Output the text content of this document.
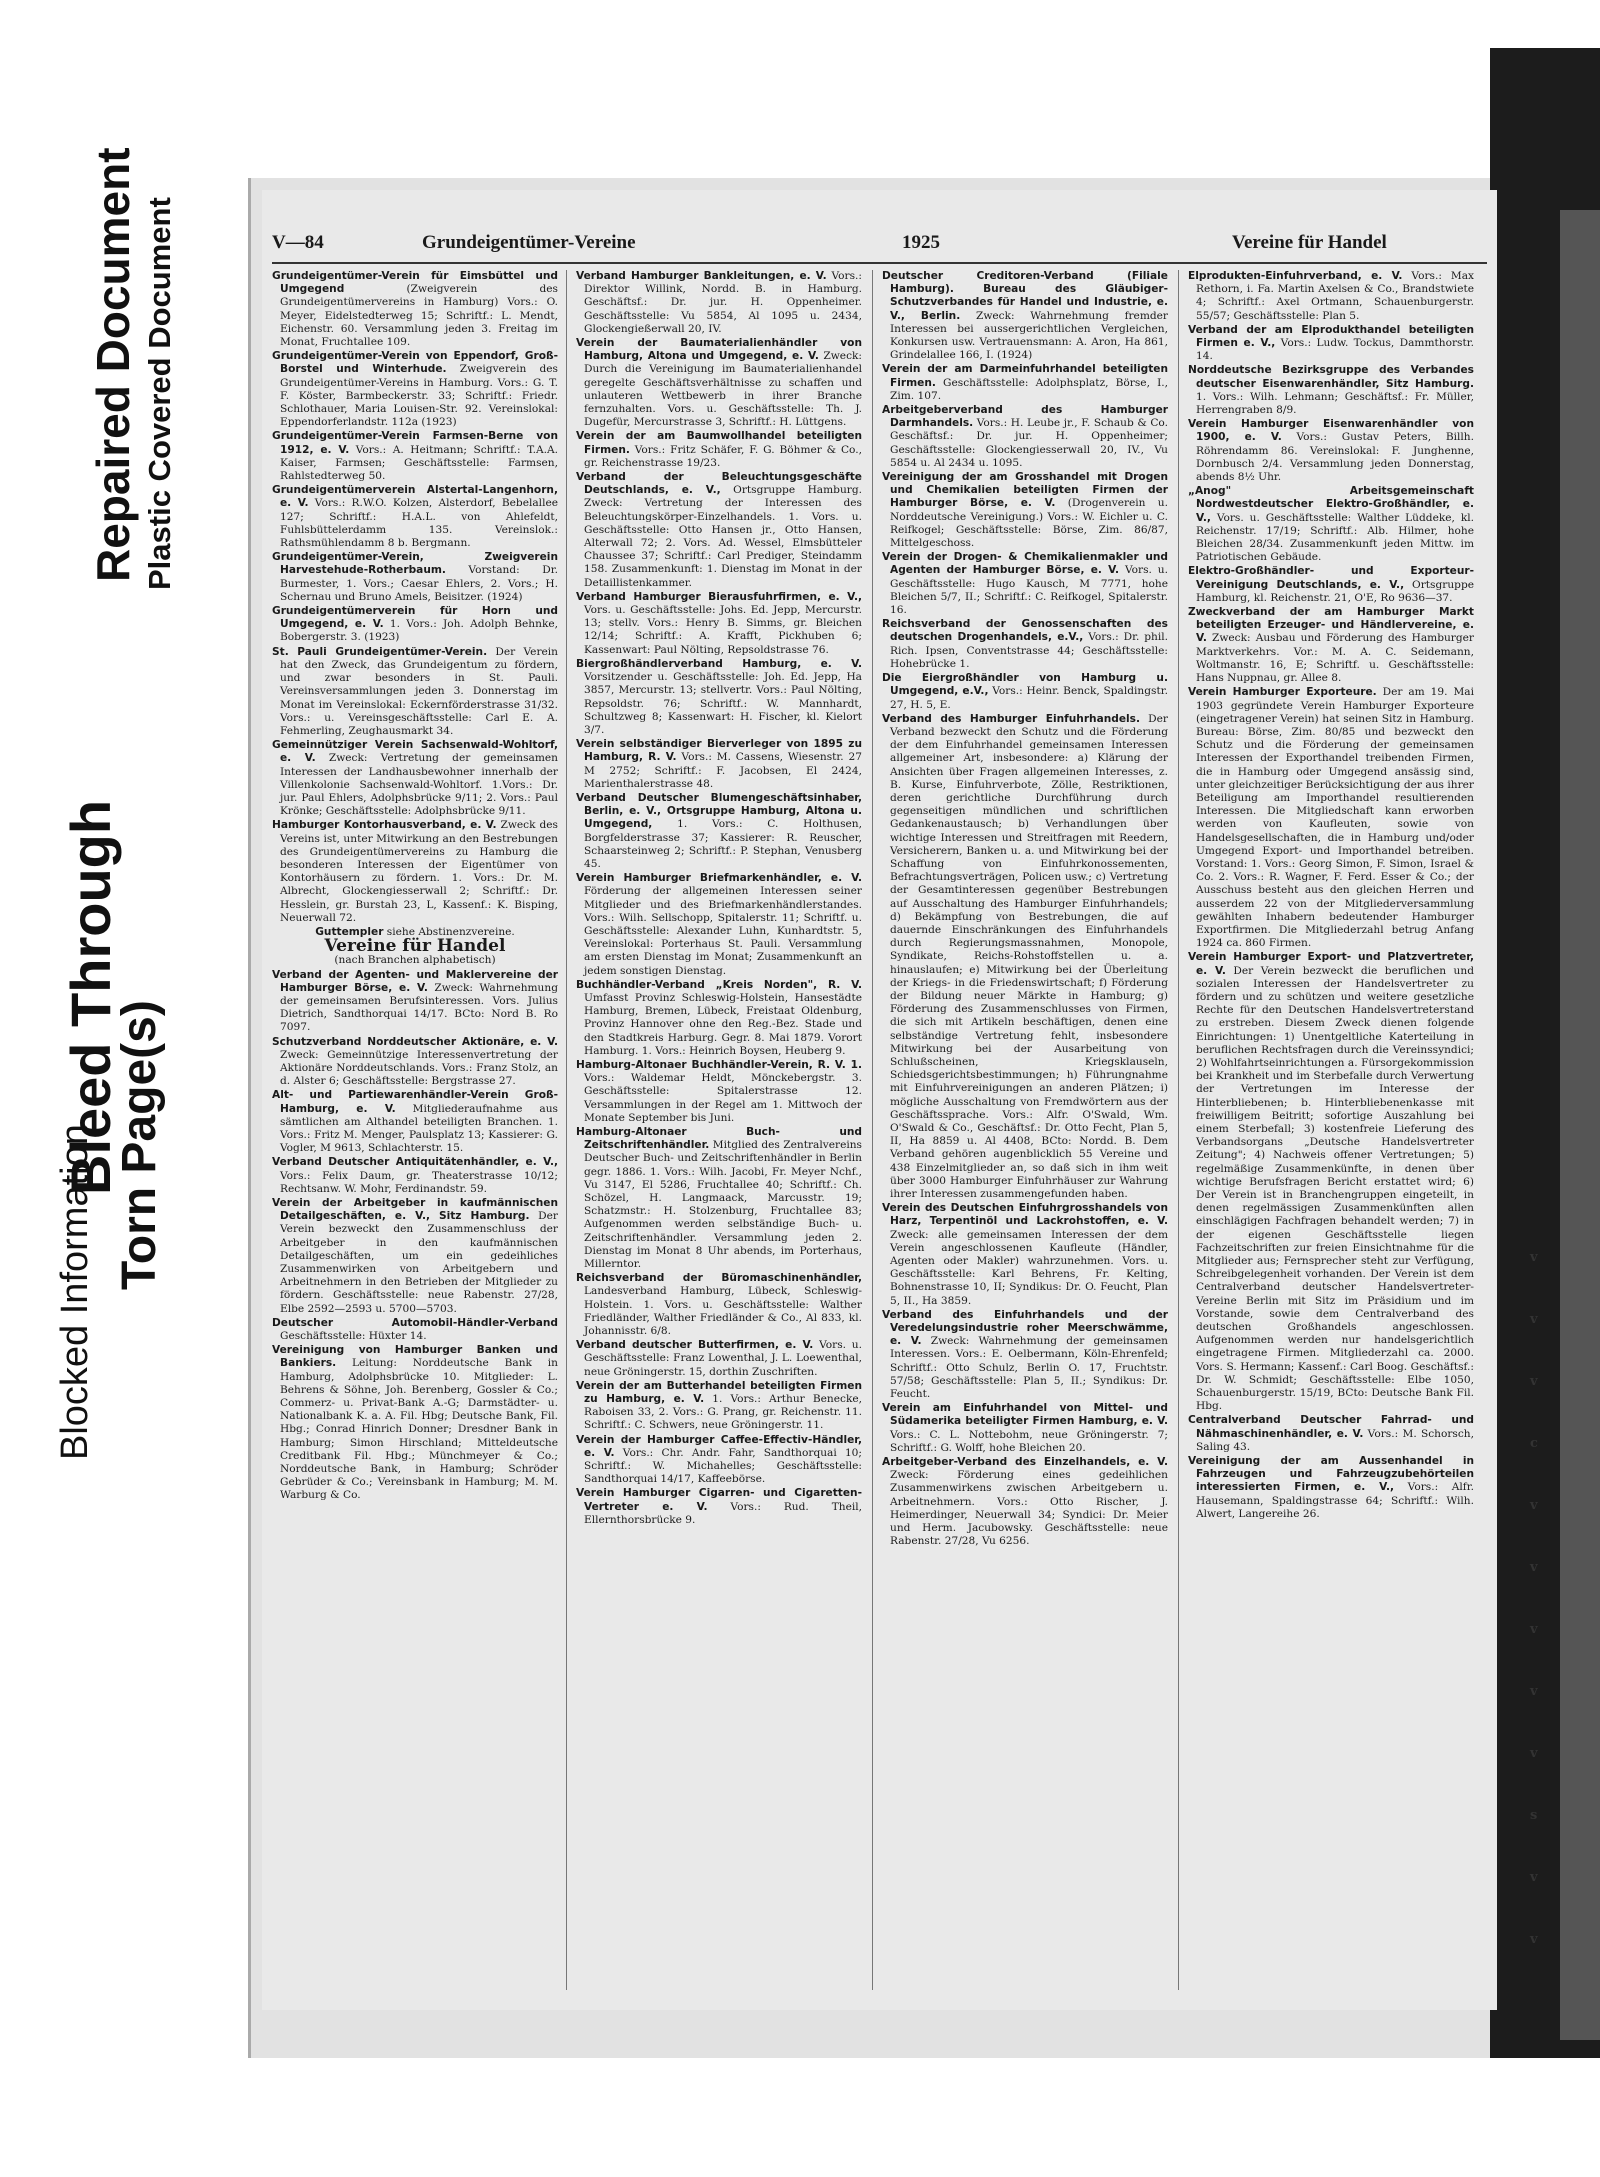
Blocked Information Torn Page(s)
Bleed Through
Repaired Document Plastic Covered Document	V—84	Grundeigentümer-Vereine	1925	Vereine für Handel

Grundeigentümer-Verein für Eimsbüttel und Umgegend (Zweigverein des Grundeigentümervereins in Hamburg) Vors.: O. Meyer, Eidelstedterweg 15; Schriftf.: L. Mendt, Eichenstr. 60. Versammlung jeden 3. Freitag im Monat, Fruchtallee 109.

Grundeigentümer-Verein von Eppendorf, Groß-Borstel und Winterhude. Zweigverein des Grundeigentümer-Vereins in Hamburg. Vors.: G. T. F. Köster, Barmbeckerstr. 33; Schriftf.: Friedr. Schlothauer, Maria Louisen-Str. 92. Vereinslokal: Eppendorferlandstr. 112a (1923)

Grundeigentümer-Verein Farmsen-Berne von 1912, e. V. Vors.: A. Heitmann; Schriftf.: T.A.A. Kaiser, Farmsen; Geschäftsstelle: Farmsen, Rahlstedterweg 50.

Grundeigentümerverein Alstertal-Langenhorn, e. V. Vors.: R.W.O. Kolzen, Alsterdorf, Bebelallee 127; Schriftf.: H.A.L. von Ahlefeldt, Fuhlsbüttelerdamm 135. Vereinslok.: Rathsmühlendamm 8 b. Bergmann.

Grundeigentümer-Verein, Zweigverein Harvestehude-Rotherbaum. Vorstand: Dr. Burmester, 1. Vors.; Caesar Ehlers, 2. Vors.; H. Schernau und Bruno Amels, Beisitzer. (1924)

Grundeigentümerverein für Horn und Umgegend, e. V. 1. Vors.: Joh. Adolph Behnke, Bobergerstr. 3. (1923)

St. Pauli Grundeigentümer-Verein. Der Verein hat den Zweck, das Grundeigentum zu fördern, und zwar besonders in St. Pauli. Vereinsversammlungen jeden 3. Donnerstag im Monat im Vereinslokal: Eckernförderstrasse 31/32. Vors.: u. Vereinsgeschäftsstelle: Carl E. A. Fehmerling, Zeughausmarkt 34.

Gemeinnütziger Verein Sachsenwald-Wohltorf, e. V. Zweck: Vertretung der gemeinsamen Interessen der Landhausbewohner innerhalb der Villenkolonie Sachsenwald-Wohltorf. 1.Vors.: Dr. jur. Paul Ehlers, Adolphsbrücke 9/11; 2. Vors.: Paul Krönke; Geschäftsstelle: Adolphsbrücke 9/11.

Hamburger Kontorhausverband, e. V. Zweck des Vereins ist, unter Mitwirkung an den Bestrebungen des Grundeigentümervereins zu Hamburg die besonderen Interessen der Eigentümer von Kontorhäusern zu fördern. 1. Vors.: Dr. M. Albrecht, Glockengiesserwall 2; Schriftf.: Dr. Hesslein, gr. Burstah 23, L, Kassenf.: K. Bisping, Neuerwall 72.

Guttempler siehe Abstinenzvereine.

Vereine für Handel

(nach Branchen alphabetisch)

Verband der Agenten- und Maklervereine der Hamburger Börse, e. V. Zweck: Wahrnehmung der gemeinsamen Berufsinteressen. Vors. Julius Dietrich, Sandthorquai 14/17. BCto: Nord B. Ro 7097.

Schutzverband Norddeutscher Aktionäre, e. V. Zweck: Gemeinnützige Interessenvertretung der Aktionäre Norddeutschlands. Vors.: Franz Stolz, an d. Alster 6; Geschäftsstelle: Bergstrasse 27.

Alt- und Partiewarenhändler-Verein Groß-Hamburg, e. V. Mitgliederaufnahme aus sämtlichen am Althandel beteiligten Branchen. 1. Vors.: Fritz M. Menger, Paulsplatz 13; Kassierer: G. Vogler, M 9613, Schlachterstr. 15.

Verband Deutscher Antiquitätenhändler, e. V., Vors.: Felix Daum, gr. Theaterstrasse 10/12; Rechtsanw. W. Mohr, Ferdinandstr. 59.

Verein der Arbeitgeber in kaufmännischen Detailgeschäften, e. V., Sitz Hamburg. Der Verein bezweckt den Zusammenschluss der Arbeitgeber in den kaufmännischen Detailgeschäften, um ein gedeihliches Zusammenwirken von Arbeitgebern und Arbeitnehmern in den Betrieben der Mitglieder zu fördern. Geschäftsstelle: neue Rabenstr. 27/28, Elbe 2592—2593 u. 5700—5703.

Deutscher Automobil-Händler-Verband Geschäftsstelle: Hüxter 14.

Vereinigung von Hamburger Banken und Bankiers. Leitung: Norddeutsche Bank in Hamburg, Adolphsbrücke 10. Mitglieder: L. Behrens & Söhne, Joh. Berenberg, Gossler & Co.; Commerz- u. Privat-Bank A.-G; Darmstädter- u. Nationalbank K. a. A. Fil. Hbg; Deutsche Bank, Fil. Hbg.; Conrad Hinrich Donner; Dresdner Bank in Hamburg; Simon Hirschland; Mitteldeutsche Creditbank Fil. Hbg.; Münchmeyer & Co.; Norddeutsche Bank, in Hamburg; Schröder Gebrüder & Co.; Vereinsbank in Hamburg; M. M. Warburg & Co.

Verband Hamburger Bankleitungen, e. V. Vors.: Direktor Willink, Nordd. B. in Hamburg. Geschäftsf.: Dr. jur. H. Oppenheimer. Geschäftsstelle: Vu 5854, Al 1095 u. 2434, Glockengießerwall 20, IV.

Verein der Baumaterialienhändler von Hamburg, Altona und Umgegend, e. V. Zweck: Durch die Vereinigung im Baumaterialienhandel geregelte Geschäftsverhältnisse zu schaffen und unlauteren Wettbewerb in ihrer Branche fernzuhalten. Vors. u. Geschäftsstelle: Th. J. Dugefür, Mercurstrasse 3, Schriftf.: H. Lüttgens.

Verein der am Baumwollhandel beteiligten Firmen. Vors.: Fritz Schäfer, F. G. Böhmer & Co., gr. Reichenstrasse 19/23.

Verband der Beleuchtungsgeschäfte Deutschlands, e. V., Ortsgruppe Hamburg. Zweck: Vertretung der Interessen des Beleuchtungskörper-Einzelhandels. 1. Vors. u. Geschäftsstelle: Otto Hansen jr., Otto Hansen, Alterwall 72; 2. Vors. Ad. Wessel, Elmsbütteler Chaussee 37; Schriftf.: Carl Prediger, Steindamm 158. Zusammenkunft: 1. Dienstag im Monat in der Detaillistenkammer.

Verband Hamburger Bierausfuhrfirmen, e. V., Vors. u. Geschäftsstelle: Johs. Ed. Jepp, Mercurstr. 13; stellv. Vors.: Henry B. Simms, gr. Bleichen 12/14; Schriftf.: A. Krafft, Pickhuben 6; Kassenwart: Paul Nölting, Repsoldstrasse 76.

Biergroßhändlerverband Hamburg, e. V. Vorsitzender u. Geschäftsstelle: Joh. Ed. Jepp, Ha 3857, Mercurstr. 13; stellvertr. Vors.: Paul Nölting, Repsoldstr. 76; Schriftf.: W. Mannhardt, Schultzweg 8; Kassenwart: H. Fischer, kl. Kielort 3/7.

Verein selbständiger Bierverleger von 1895 zu Hamburg, R. V. Vors.: M. Cassens, Wiesenstr. 27 M 2752; Schriftf.: F. Jacobsen, El 2424, Marienthalerstrasse 48.

Verband Deutscher Blumengeschäftsinhaber, Berlin, e. V., Ortsgruppe Hamburg, Altona u. Umgegend, 1. Vors.: C. Holthusen, Borgfelderstrasse 37; Kassierer: R. Reuscher, Schaarsteinweg 2; Schriftf.: P. Stephan, Venusberg 45.

Verein Hamburger Briefmarkenhändler, e. V. Förderung der allgemeinen Interessen seiner Mitglieder und des Briefmarkenhändlerstandes. Vors.: Wilh. Sellschopp, Spitalerstr. 11; Schriftf. u. Geschäftsstelle: Alexander Luhn, Kunhardtstr. 5, Vereinslokal: Porterhaus St. Pauli. Versammlung am ersten Dienstag im Monat; Zusammenkunft an jedem sonstigen Dienstag.

Buchhändler-Verband „Kreis Norden", R. V. Umfasst Provinz Schleswig-Holstein, Hansestädte Hamburg, Bremen, Lübeck, Freistaat Oldenburg, Provinz Hannover ohne den Reg.-Bez. Stade und den Stadtkreis Harburg. Gegr. 8. Mai 1879. Vorort Hamburg. 1. Vors.: Heinrich Boysen, Heuberg 9.

Hamburg-Altonaer Buchhändler-Verein, R. V. 1. Vors.: Waldemar Heldt, Mönckebergstr. 3. Geschäftsstelle: Spitalerstrasse 12. Versammlungen in der Regel am 1. Mittwoch der Monate September bis Juni.

Hamburg-Altonaer Buch- und Zeitschriftenhändler. Mitglied des Zentralvereins Deutscher Buch- und Zeitschriftenhändler in Berlin gegr. 1886. 1. Vors.: Wilh. Jacobi, Fr. Meyer Nchf., Vu 3147, El 5286, Fruchtallee 40; Schriftf.: Ch. Schözel, H. Langmaack, Marcusstr. 19; Schatzmstr.: H. Stolzenburg, Fruchtallee 83; Aufgenommen werden selbständige Buch- u. Zeitschriftenhändler. Versammlung jeden 2. Dienstag im Monat 8 Uhr abends, im Porterhaus, Millerntor.

Reichsverband der Büromaschinenhändler, Landesverband Hamburg, Lübeck, Schleswig-Holstein. 1. Vors. u. Geschäftsstelle: Walther Friedländer, Walther Friedländer & Co., Al 833, kl. Johannisstr. 6/8.

Verband deutscher Butterfirmen, e. V. Vors. u. Geschäftsstelle: Franz Lowenthal, J. L. Loewenthal, neue Gröningerstr. 15, dorthin Zuschriften.

Verein der am Butterhandel beteiligten Firmen zu Hamburg, e. V. 1. Vors.: Arthur Benecke, Raboisen 33, 2. Vors.: G. Prang, gr. Reichenstr. 11. Schriftf.: C. Schwers, neue Gröningerstr. 11.

Verein der Hamburger Caffee-Effectiv-Händler, e. V. Vors.: Chr. Andr. Fahr, Sandthorquai 10; Schriftf.: W. Michahelles; Geschäftsstelle: Sandthorquai 14/17, Kaffeebörse.

Verein Hamburger Cigarren- und Cigaretten-Vertreter e. V. Vors.: Rud. Theil, Ellernthorsbrücke 9.

Deutscher Creditoren-Verband (Filiale Hamburg). Bureau des Gläubiger-Schutzverbandes für Handel und Industrie, e. V., Berlin. Zweck: Wahrnehmung fremder Interessen bei aussergerichtlichen Vergleichen, Konkursen usw. Vertrauensmann: A. Aron, Ha 861, Grindelallee 166, I. (1924)

Verein der am Darmeinfuhrhandel beteiligten Firmen. Geschäftsstelle: Adolphsplatz, Börse, I., Zim. 107.

Arbeitgeberverband des Hamburger Darmhandels. Vors.: H. Leube jr., F. Schaub & Co. Geschäftsf.: Dr. jur. H. Oppenheimer; Geschäftsstelle: Glockengiesserwall 20, IV., Vu 5854 u. Al 2434 u. 1095.

Vereinigung der am Grosshandel mit Drogen und Chemikalien beteiligten Firmen der Hamburger Börse, e. V. (Drogenverein u. Norddeutsche Vereinigung.) Vors.: W. Eichler u. C. Reifkogel; Geschäftsstelle: Börse, Zim. 86/87, Mittelgeschoss.

Verein der Drogen- & Chemikalienmakler und Agenten der Hamburger Börse, e. V. Vors. u. Geschäftsstelle: Hugo Kausch, M 7771, hohe Bleichen 5/7, II.; Schriftf.: C. Reifkogel, Spitalerstr. 16.

Reichsverband der Genossenschaften des deutschen Drogenhandels, e.V., Vors.: Dr. phil. Rich. Ipsen, Conventstrasse 44; Geschäftsstelle: Hohebrücke 1.

Die Eiergroßhändler von Hamburg u. Umgegend, e.V., Vors.: Heinr. Benck, Spaldingstr. 27, H. 5, E.

Verband des Hamburger Einfuhrhandels. Der Verband bezweckt den Schutz und die Förderung der dem Einfuhrhandel gemeinsamen Interessen allgemeiner Art, insbesondere: a) Klärung der Ansichten über Fragen allgemeinen Interesses, z. B. Kurse, Einfuhrverbote, Zölle, Restriktionen, deren gerichtliche Durchführung durch gegenseitigen mündlichen und schriftlichen Gedankenaustausch; b) Verhandlungen über wichtige Interessen und Streitfragen mit Reedern, Versicherern, Banken u. a. und Mitwirkung bei der Schaffung von Einfuhrkonossementen, Befrachtungsverträgen, Policen usw.; c) Vertretung der Gesamtinteressen gegenüber Bestrebungen auf Ausschaltung des Hamburger Einfuhrhandels; d) Bekämpfung von Bestrebungen, die auf dauernde Einschränkungen des Einfuhrhandels durch Regierungsmassnahmen, Monopole, Syndikate, Reichs-Rohstoffstellen u. a. hinauslaufen; e) Mitwirkung bei der Überleitung der Kriegs- in die Friedenswirtschaft; f) Förderung der Bildung neuer Märkte in Hamburg; g) Förderung des Zusammenschlusses von Firmen, die sich mit Artikeln beschäftigen, denen eine selbständige Vertretung fehlt, insbesondere Mitwirkung bei der Ausarbeitung von Schlußscheinen, Kriegsklauseln, Schiedsgerichtsbestimmungen; h) Führungnahme mit Einfuhrvereinigungen an anderen Plätzen; i) mögliche Ausschaltung von Fremdwörtern aus der Geschäftssprache. Vors.: Alfr. O'Swald, Wm. O'Swald & Co., Geschäftsf.: Dr. Otto Fecht, Plan 5, II, Ha 8859 u. Al 4408, BCto: Nordd. B. Dem Verband gehören augenblicklich 55 Vereine und 438 Einzelmitglieder an, so daß sich in ihm weit über 3000 Hamburger Einfuhrhäuser zur Wahrung ihrer Interessen zusammengefunden haben.

Verein des Deutschen Einfuhrgrosshandels von Harz, Terpentinöl und Lackrohstoffen, e. V. Zweck: alle gemeinsamen Interessen der dem Verein angeschlossenen Kaufleute (Händler, Agenten oder Makler) wahrzunehmen. Vors. u. Geschäftsstelle: Karl Behrens, Fr. Kelting, Bohnenstrasse 10, II; Syndikus: Dr. O. Feucht, Plan 5, II., Ha 3859.

Verband des Einfuhrhandels und der Veredelungsindustrie roher Meerschwämme, e. V. Zweck: Wahrnehmung der gemeinsamen Interessen. Vors.: E. Oelbermann, Köln-Ehrenfeld; Schriftf.: Otto Schulz, Berlin O. 17, Fruchtstr. 57/58; Geschäftsstelle: Plan 5, II.; Syndikus: Dr. Feucht.

Verein am Einfuhrhandel von Mittel- und Südamerika beteiligter Firmen Hamburg, e. V. Vors.: C. L. Nottebohm, neue Gröningerstr. 7; Schriftf.: G. Wolff, hohe Bleichen 20.

Arbeitgeber-Verband des Einzelhandels, e. V. Zweck: Förderung eines gedeihlichen Zusammenwirkens zwischen Arbeitgebern u. Arbeitnehmern. Vors.: Otto Rischer, J. Heimerdinger, Neuerwall 34; Syndici: Dr. Meier und Herm. Jacubowsky. Geschäftsstelle: neue Rabenstr. 27/28, Vu 6256.

Elprodukten-Einfuhrverband, e. V. Vors.: Max Rethorn, i. Fa. Martin Axelsen & Co., Brandstwiete 4; Schriftf.: Axel Ortmann, Schauenburgerstr. 55/57; Geschäftsstelle: Plan 5.

Verband der am Elprodukthandel beteiligten Firmen e. V., Vors.: Ludw. Tockus, Dammthorstr. 14.

Norddeutsche Bezirksgruppe des Verbandes deutscher Eisenwarenhändler, Sitz Hamburg. 1. Vors.: Wilh. Lehmann; Geschäftsf.: Fr. Müller, Herrengraben 8/9.

Verein Hamburger Eisenwarenhändler von 1900, e. V. Vors.: Gustav Peters, Billh. Röhrendamm 86. Vereinslokal: F. Junghenne, Dornbusch 2/4. Versammlung jeden Donnerstag, abends 8½ Uhr.

„Anog" Arbeitsgemeinschaft Nordwestdeutscher Elektro-Großhändler, e. V., Vors. u. Geschäftsstelle: Walther Lüddeke, kl. Reichenstr. 17/19; Schriftf.: Alb. Hilmer, hohe Bleichen 28/34. Zusammenkunft jeden Mittw. im Patriotischen Gebäude.

Elektro-Großhändler- und Exporteur-Vereinigung Deutschlands, e. V., Ortsgruppe Hamburg, kl. Reichenstr. 21, O'E, Ro 9636—37.

Zweckverband der am Hamburger Markt beteiligten Erzeuger- und Händlervereine, e. V. Zweck: Ausbau und Förderung des Hamburger Marktverkehrs. Vor.: M. A. C. Seidemann, Woltmanstr. 16, E; Schriftf. u. Geschäftsstelle: Hans Nuppnau, gr. Allee 8.

Verein Hamburger Exporteure. Der am 19. Mai 1903 gegründete Verein Hamburger Exporteure (eingetragener Verein) hat seinen Sitz in Hamburg. Bureau: Börse, Zim. 80/85 und bezweckt den Schutz und die Förderung der gemeinsamen Interessen der Exporthandel treibenden Firmen, die in Hamburg oder Umgegend ansässig sind, unter gleichzeitiger Berücksichtigung der aus ihrer Beteiligung am Importhandel resultierenden Interessen. Die Mitgliedschaft kann erworben werden von Kaufleuten, sowie von Handelsgesellschaften, die in Hamburg und/oder Umgegend Export- und Importhandel betreiben. Vorstand: 1. Vors.: Georg Simon, F. Simon, Israel & Co. 2. Vors.: R. Wagner, F. Ferd. Esser & Co.; der Ausschuss besteht aus den gleichen Herren und ausserdem 22 von der Mitgliederversammlung gewählten Inhabern bedeutender Hamburger Exportfirmen. Die Mitgliederzahl betrug Anfang 1924 ca. 860 Firmen.

Verein Hamburger Export- und Platzvertreter, e. V. Der Verein bezweckt die beruflichen und sozialen Interessen der Handelsvertreter zu fördern und zu schützen und weitere gesetzliche Rechte für den Deutschen Handelsvertreterstand zu erstreben. Diesem Zweck dienen folgende Einrichtungen: 1) Unentgeltliche Katerteilung in beruflichen Rechtsfragen durch die Vereinssyndici; 2) Wohlfahrtseinrichtungen a. Fürsorgekommission bei Krankheit und im Sterbefalle durch Verwertung der Vertretungen im Interesse der Hinterbliebenen; b. Hinterbliebenenkasse mit freiwilligem Beitritt; sofortige Auszahlung bei einem Sterbefall; 3) kostenfreie Lieferung des Verbandsorgans „Deutsche Handelsvertreter Zeitung"; 4) Nachweis offener Vertretungen; 5) regelmäßige Zusammenkünfte, in denen über wichtige Berufsfragen Bericht erstattet wird; 6) Der Verein ist in Branchengruppen eingeteilt, in denen regelmässigen Zusammenkünften allen einschlägigen Fachfragen behandelt werden; 7) in der eigenen Geschäftsstelle liegen Fachzeitschriften zur freien Einsichtnahme für die Mitglieder aus; Fernsprecher steht zur Verfügung, Schreibgelegenheit vorhanden. Der Verein ist dem Centralverband deutscher Handelsvertreter-Vereine Berlin mit Sitz im Präsidium und im Vorstande, sowie dem Centralverband des deutschen Großhandels angeschlossen. Aufgenommen werden nur handelsgerichtlich eingetragene Firmen. Mitgliederzahl ca. 2000. Vors. S. Hermann; Kassenf.: Carl Boog. Geschäftsf.: Dr. W. Schmidt; Geschäftsstelle: Elbe 1050, Schauenburgerstr. 15/19, BCto: Deutsche Bank Fil. Hbg.

Centralverband Deutscher Fahrrad- und Nähmaschinenhändler, e. V. Vors.: M. Schorsch, Saling 43.

Vereinigung der am Aussenhandel in Fahrzeugen und Fahrzeugzubehörteilen interessierten Firmen, e. V., Vors.: Alfr. Hausemann, Spaldingstrasse 64; Schriftf.: Wilh. Alwert, Langereihe 26.

v
v
v
c
v
v
v
v
v
s
v
v
